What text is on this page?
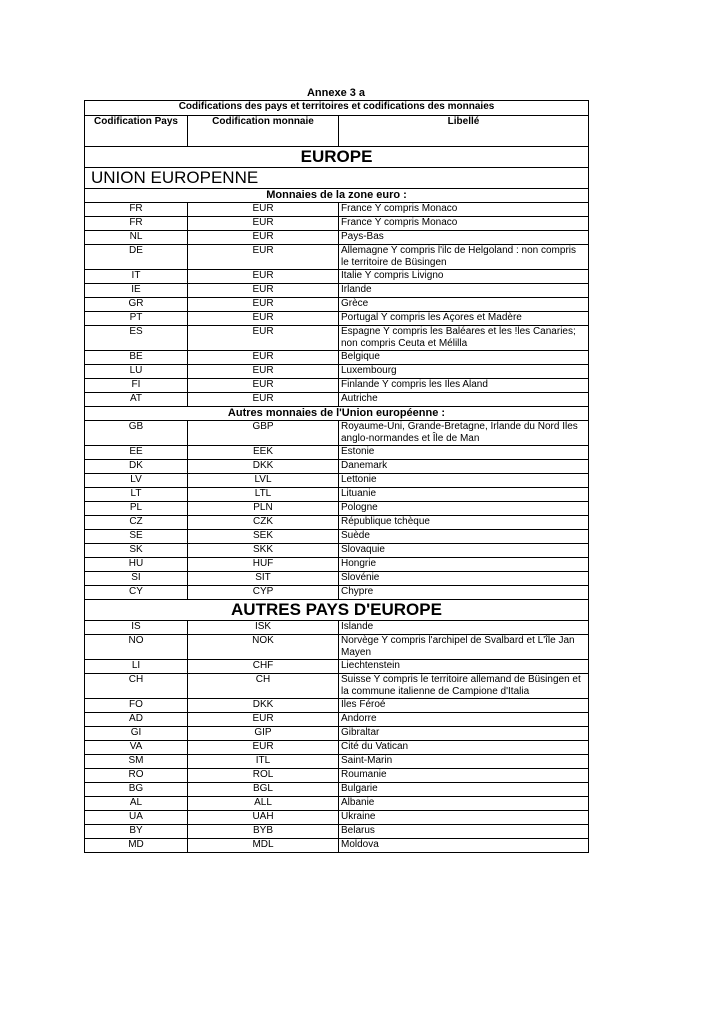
Annexe 3 a
Codifications des pays et territoires et codifications des monnaies		
Codification Pays	Codification monnaie	Libellé
EUROPE		
UNION EUROPENNE		
Monnaies de la zone euro :		
FR	EUR	France Y compris Monaco
FR	EUR	France Y compris Monaco
NL	EUR	Pays-Bas
DE	EUR	Allemagne Y compris l'ilc de Helgoland : non compris le territoire de Büsingen
IT	EUR	Italie Y compris Livigno
IE	EUR	Irlande
GR	EUR	Grèce
PT	EUR	Portugal Y compris les Açores et Madère
ES	EUR	Espagne Y compris les Baléares et les !les Canaries; non compris Ceuta et Mélilla
BE	EUR	Belgique
LU	EUR	Luxembourg
FI	EUR	Finlande Y compris les Iles Aland
AT	EUR	Autriche
Autres monnaies de l'Union européenne :		
GB	GBP	Royaume-Uni, Grande-Bretagne, Irlande du Nord Iles anglo-normandes et Île de Man
EE	EEK	Estonie
DK	DKK	Danemark
LV	LVL	Lettonie
LT	LTL	Lituanie
PL	PLN	Pologne
CZ	CZK	République tchèque
SE	SEK	Suède
SK	SKK	Slovaquie
HU	HUF	Hongrie
SI	SIT	Slovénie
CY	CYP	Chypre
AUTRES PAYS D'EUROPE		
IS	ISK	Islande
NO	NOK	Norvège Y compris l'archipel de Svalbard et L'île Jan Mayen
LI	CHF	Liechtenstein
CH	CH	Suisse Y compris le territoire allemand de Büsingen et la commune italienne de Campione d'Italia
FO	DKK	Iles Féroé
AD	EUR	Andorre
GI	GIP	Gibraltar
VA	EUR	Cité du Vatican
SM	ITL	Saint-Marin
RO	ROL	Roumanie
BG	BGL	Bulgarie
AL	ALL	Albanie
UA	UAH	Ukraine
BY	BYB	Belarus
MD	MDL	Moldova
